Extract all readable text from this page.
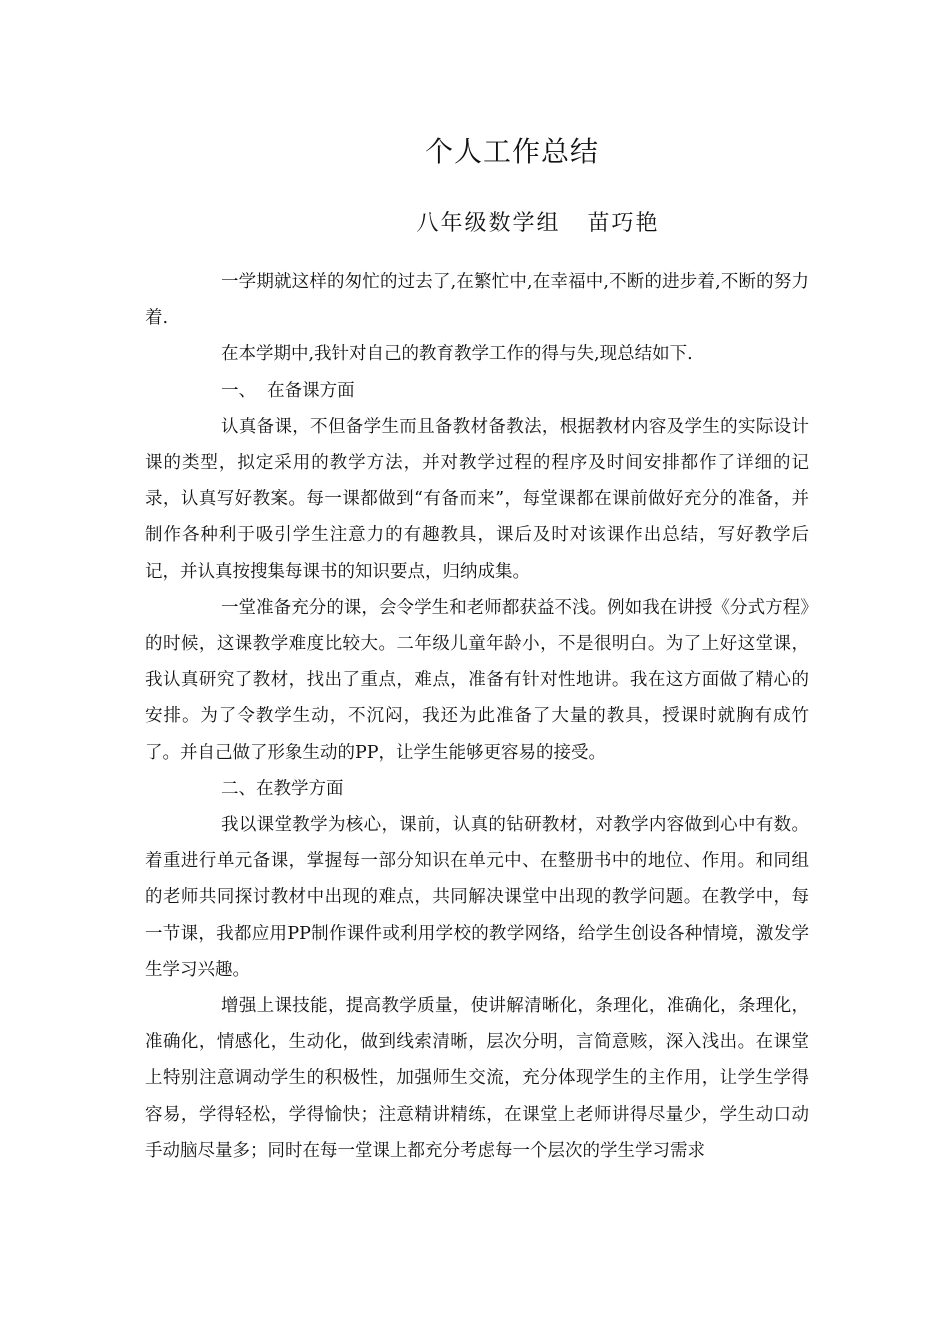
个人工作总结
八年级数学组   苗巧艳

一学期就这样的匆忙的过去了,在繁忙中,在幸福中,不断的进步着,不断的努力着.

在本学期中,我针对自己的教育教学工作的得与失,现总结如下.

一、  在备课方面

认真备课，不但备学生而且备教材备教法，根据教材内容及学生的实际设计课的类型，拟定采用的教学方法，并对教学过程的程序及时间安排都作了详细的记录，认真写好教案。每一课都做到“有备而来”，每堂课都在课前做好充分的准备，并制作各种利于吸引学生注意力的有趣教具，课后及时对该课作出总结，写好教学后记，并认真按搜集每课书的知识要点，归纳成集。

一堂准备充分的课，会令学生和老师都获益不浅。例如我在讲授《分式方程》的时候，这课教学难度比较大。二年级儿童年龄小，不是很明白。为了上好这堂课，我认真研究了教材，找出了重点，难点，准备有针对性地讲。我在这方面做了精心的安排。为了令教学生动，不沉闷，我还为此准备了大量的教具，授课时就胸有成竹了。并自己做了形象生动的PP，让学生能够更容易的接受。

二、在教学方面

我以课堂教学为核心，课前，认真的钻研教材，对教学内容做到心中有数。着重进行单元备课，掌握每一部分知识在单元中、在整册书中的地位、作用。和同组的老师共同探讨教材中出现的难点，共同解决课堂中出现的教学问题。在教学中，每一节课，我都应用PP制作课件或利用学校的教学网络，给学生创设各种情境，激发学生学习兴趣。

增强上课技能，提高教学质量，使讲解清晰化，条理化，准确化，条理化，准确化，情感化，生动化，做到线索清晰，层次分明，言简意赅，深入浅出。在课堂上特别注意调动学生的积极性，加强师生交流，充分体现学生的主作用，让学生学得容易，学得轻松，学得愉快；注意精讲精练，在课堂上老师讲得尽量少，学生动口动手动脑尽量多；同时在每一堂课上都充分考虑每一个层次的学生学习需求
